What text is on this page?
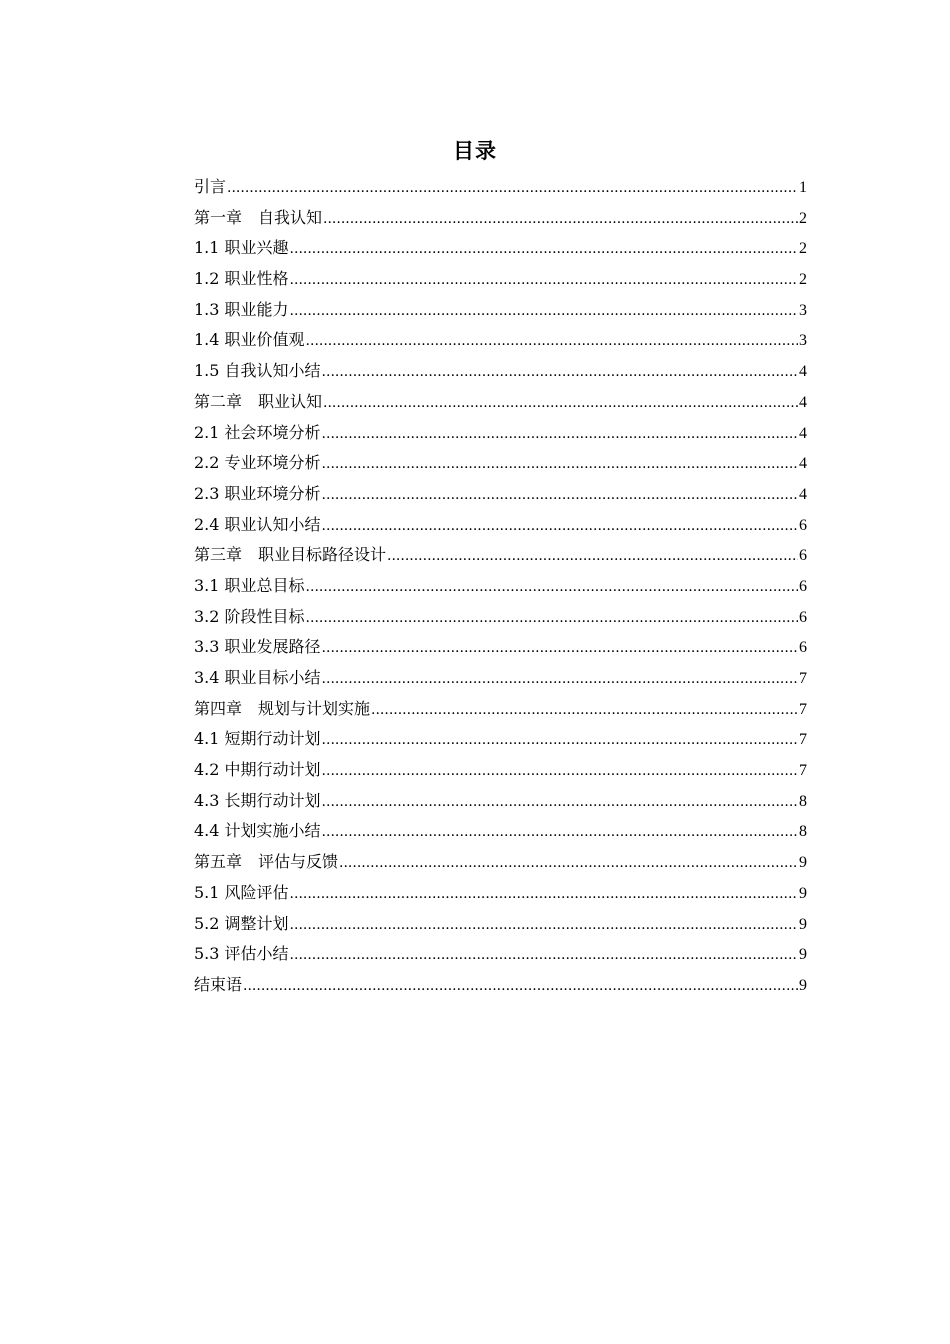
目录
引言 .....	1
第一章　自我认知 .....	2
1.1 职业兴趣 .....	2
1.2 职业性格 .....	2
1.3 职业能力 .....	3
1.4 职业价值观 .....	3
1.5 自我认知小结 .....	4
第二章　职业认知 .....	4
2.1 社会环境分析 .....	4
2.2 专业环境分析 .....	4
2.3 职业环境分析 .....	4
2.4 职业认知小结 .....	6
第三章　职业目标路径设计 .....	6
3.1 职业总目标 .....	6
3.2 阶段性目标 .....	6
3.3 职业发展路径 .....	6
3.4 职业目标小结 .....	7
第四章　规划与计划实施 .....	7
4.1 短期行动计划 .....	7
4.2 中期行动计划 .....	7
4.3 长期行动计划 .....	8
4.4 计划实施小结 .....	8
第五章　评估与反馈 .....	9
5.1 风险评估 .....	9
5.2 调整计划 .....	9
5.3 评估小结 .....	9
结束语 .....	9
